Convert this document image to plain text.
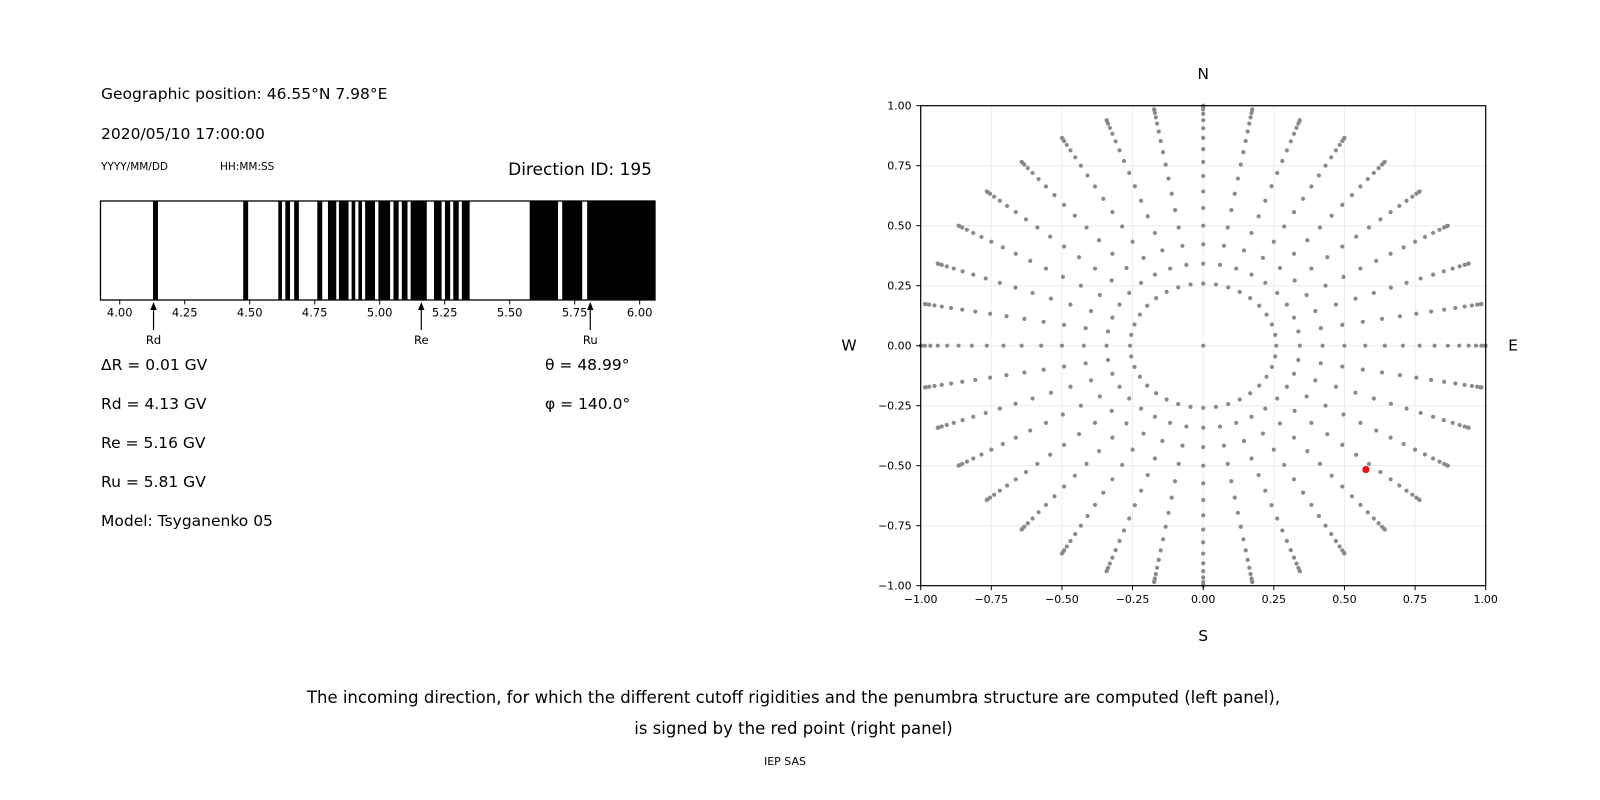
Geographic position: 46.55°N 7.98°E
2020/05/10 17:00:00
YYYY/MM/DD	HH:MM:SS	Direction ID: 195
4.00	4.25	4.50	4.75	5.00	5.25	5.50	5.75	6.00
Rd	Re	Ru
ΔR = 0.01 GV
Rd = 4.13 GV
Re = 5.16 GV
Ru = 5.81 GV
Model: Tsyganenko 05
θ = 48.99°
φ = 140.0°
−1.00
−1.00
−0.75
−0.75
−0.50
−0.50
−0.25
−0.25
0.00
0.00
0.25
0.25
0.50
0.50
0.75
0.75
1.00
1.00
N
S
W	E
The incoming direction, for which the different cutoff rigidities and the penumbra structure are computed (left panel),
is signed by the red point (right panel)
IEP SAS
